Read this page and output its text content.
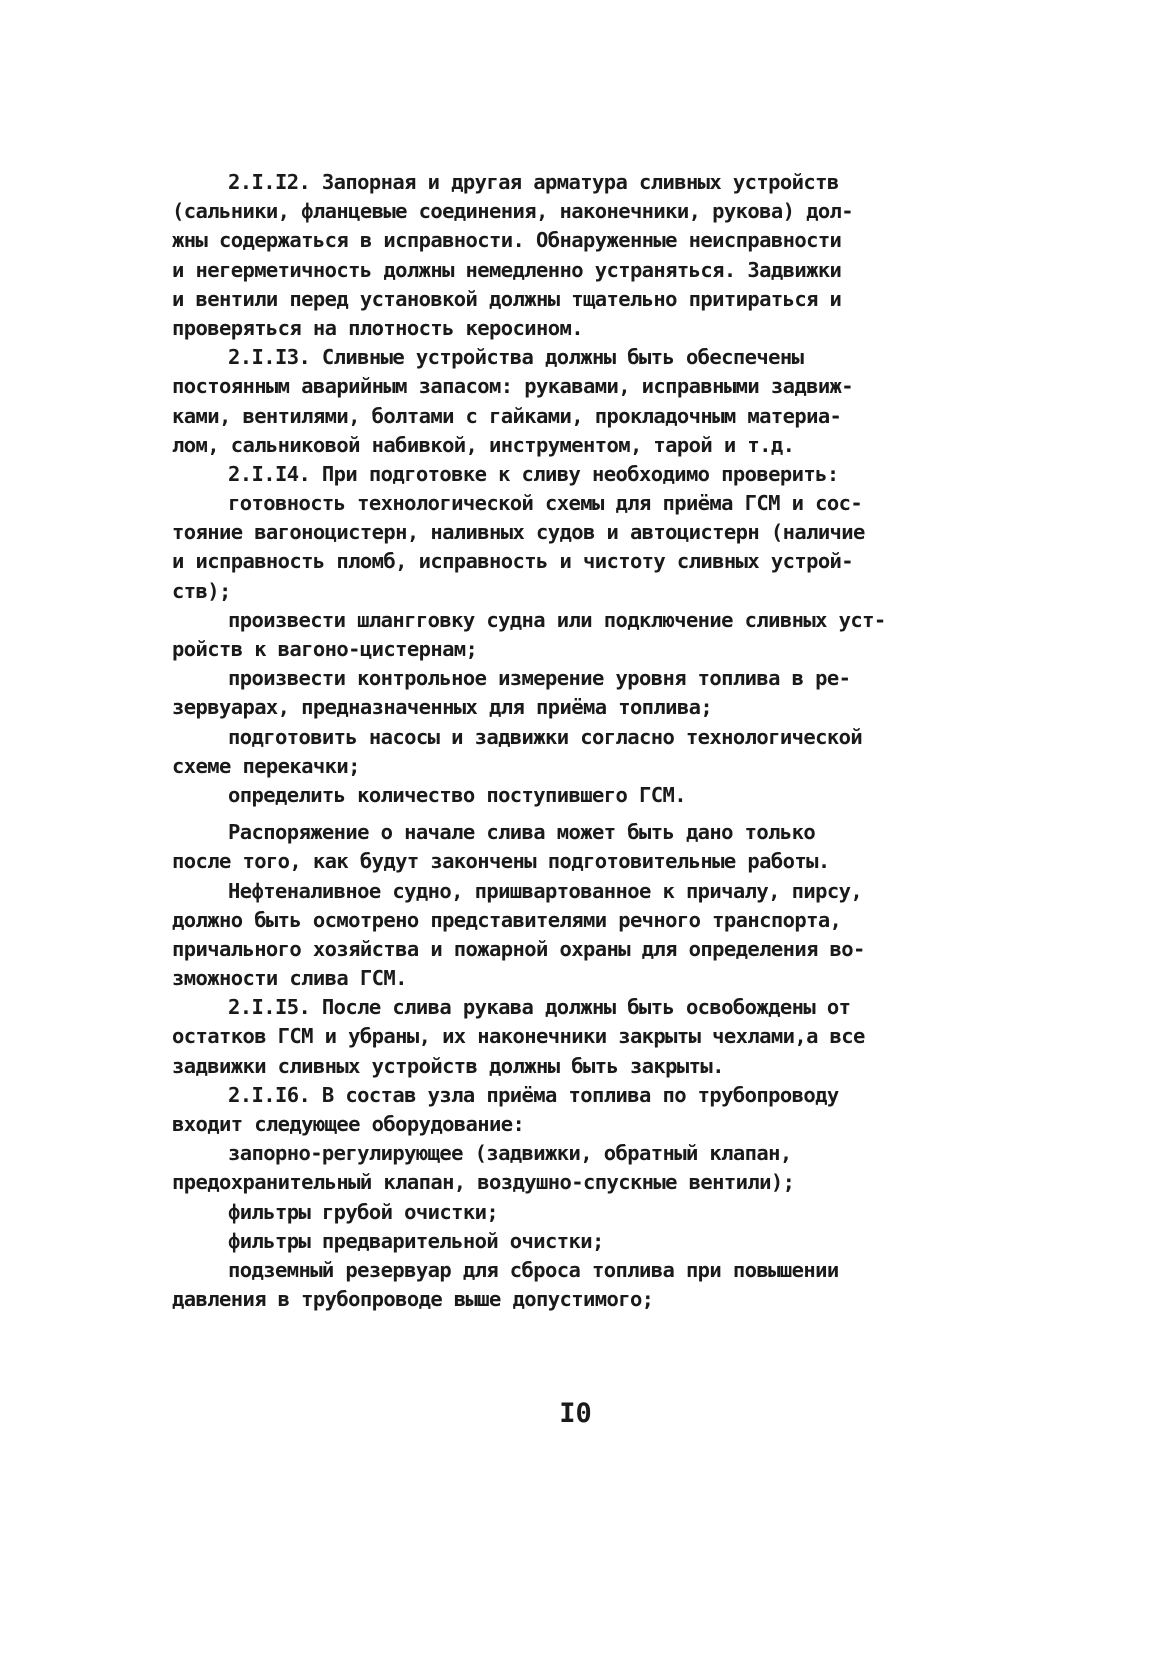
2.I.I2. Запорная и другая арматура сливных устройств
(сальники, фланцевые соединения, наконечники, рукова) дол-
жны содержаться в исправности. Обнаруженные неисправности
и негерметичность должны немедленно устраняться. Задвижки
и вентили перед установкой должны тщательно притираться и
проверяться на плотность керосином.
2.I.I3. Сливные устройства должны быть обеспечены
постоянным аварийным запасом: рукавами, исправными задвиж-
ками, вентилями, болтами с гайками, прокладочным материа-
лом, сальниковой набивкой, инструментом, тарой и т.д.
2.I.I4. При подготовке к сливу необходимо проверить:
готовность технологической схемы для приёма ГСМ и сос-
тояние вагоноцистерн, наливных судов и автоцистерн (наличие
и исправность пломб, исправность и чистоту сливных устрой-
ств);
произвести шлангговку судна или подключение сливных уст-
ройств к вагоно-цистернам;
произвести контрольное измерение уровня топлива в ре-
зервуарах, предназначенных для приёма топлива;
подготовить насосы и задвижки согласно технологической
схеме перекачки;
определить количество поступившего ГСМ.
Распоряжение о начале слива может быть дано только
после того, как будут закончены подготовительные работы.
Нефтеналивное судно, пришвартованное к причалу, пирсу,
должно быть осмотрено представителями речного транспорта,
причального хозяйства и пожарной охраны для определения во-
зможности слива ГСМ.
2.I.I5. После слива рукава должны быть освобождены от
остатков ГСМ и убраны, их наконечники закрыты чехлами,а все
задвижки сливных устройств должны быть закрыты.
2.I.I6. В состав узла приёма топлива по трубопроводу
входит следующее оборудование:
запорно-регулирующее (задвижки, обратный клапан,
предохранительный клапан, воздушно-спускные вентили);
фильтры грубой очистки;
фильтры предварительной очистки;
подземный резервуар для сброса топлива при повышении
давления в трубопроводе выше допустимого;
I0
